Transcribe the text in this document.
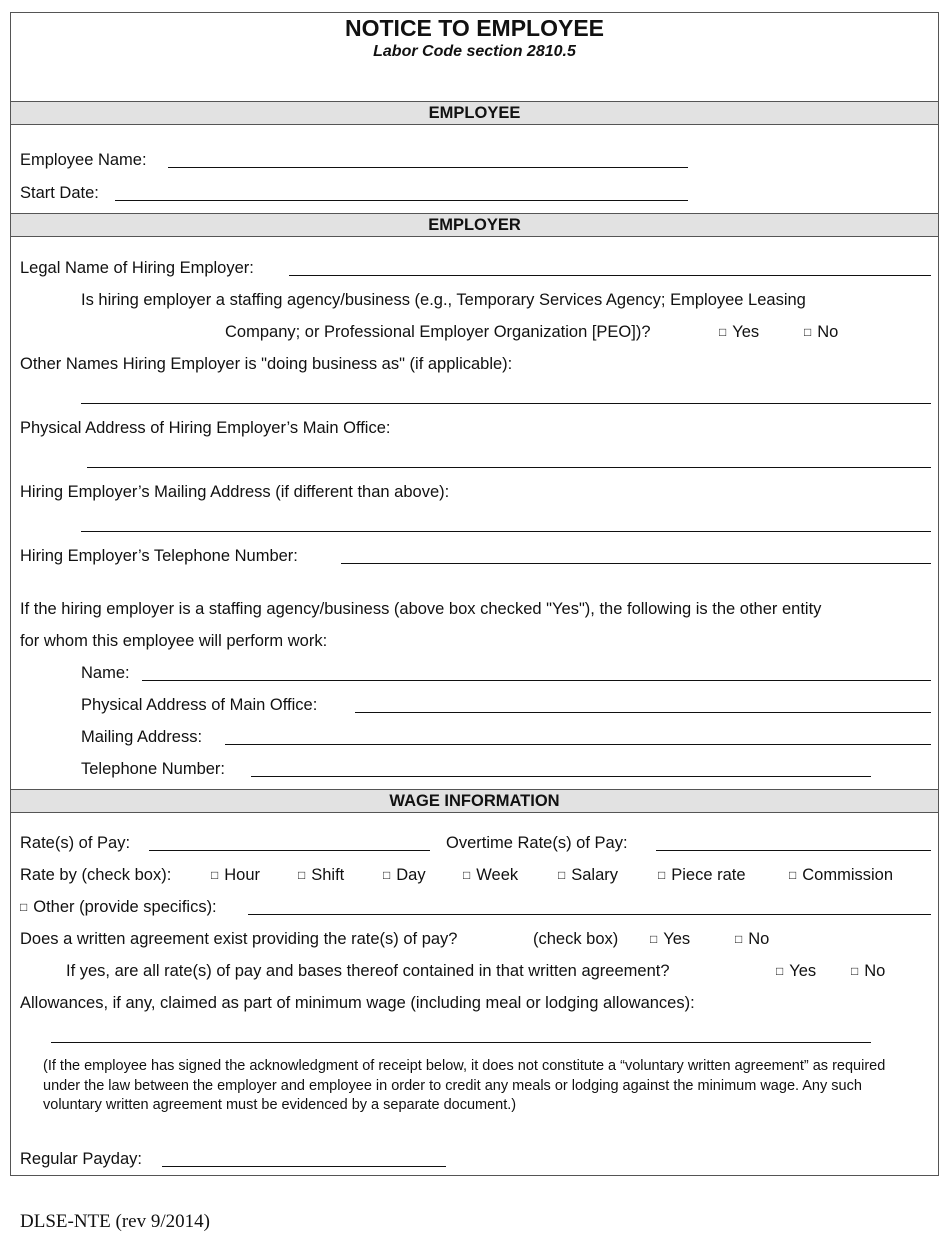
NOTICE TO EMPLOYEE
Labor Code section 2810.5
EMPLOYEE
Employee Name:
Start Date:
EMPLOYER
Legal Name of Hiring Employer:
Is hiring employer a staffing agency/business (e.g., Temporary Services Agency; Employee Leasing
Company; or Professional Employer Organization [PEO])?	□ Yes	□ No
Other Names Hiring Employer is "doing business as" (if applicable):
Physical Address of Hiring Employer’s Main Office:
Hiring Employer’s Mailing Address (if different than above):
Hiring Employer’s Telephone Number:
If the hiring employer is a staffing agency/business (above box checked "Yes"), the following is the other entity
for whom this employee will perform work:
Name:
Physical Address of Main Office:
Mailing Address:
Telephone Number:
WAGE INFORMATION
Rate(s) of Pay:	Overtime Rate(s) of Pay:
Rate by (check box):	□ Hour	□ Shift	□ Day	□ Week	□ Salary	□ Piece rate	□ Commission
□ Other (provide specifics):
Does a written agreement exist providing the rate(s) of pay?	(check box)	□ Yes	□ No
If yes, are all rate(s) of pay and bases thereof contained in that written agreement?	□ Yes	□ No
Allowances, if any, claimed as part of minimum wage (including meal or lodging allowances):
(If the employee has signed the acknowledgment of receipt below, it does not constitute a “voluntary written agreement” as required under the law between the employer and employee in order to credit any meals or lodging against the minimum wage. Any such voluntary written agreement must be evidenced by a separate document.)
Regular Payday:
DLSE-NTE (rev 9/2014)
